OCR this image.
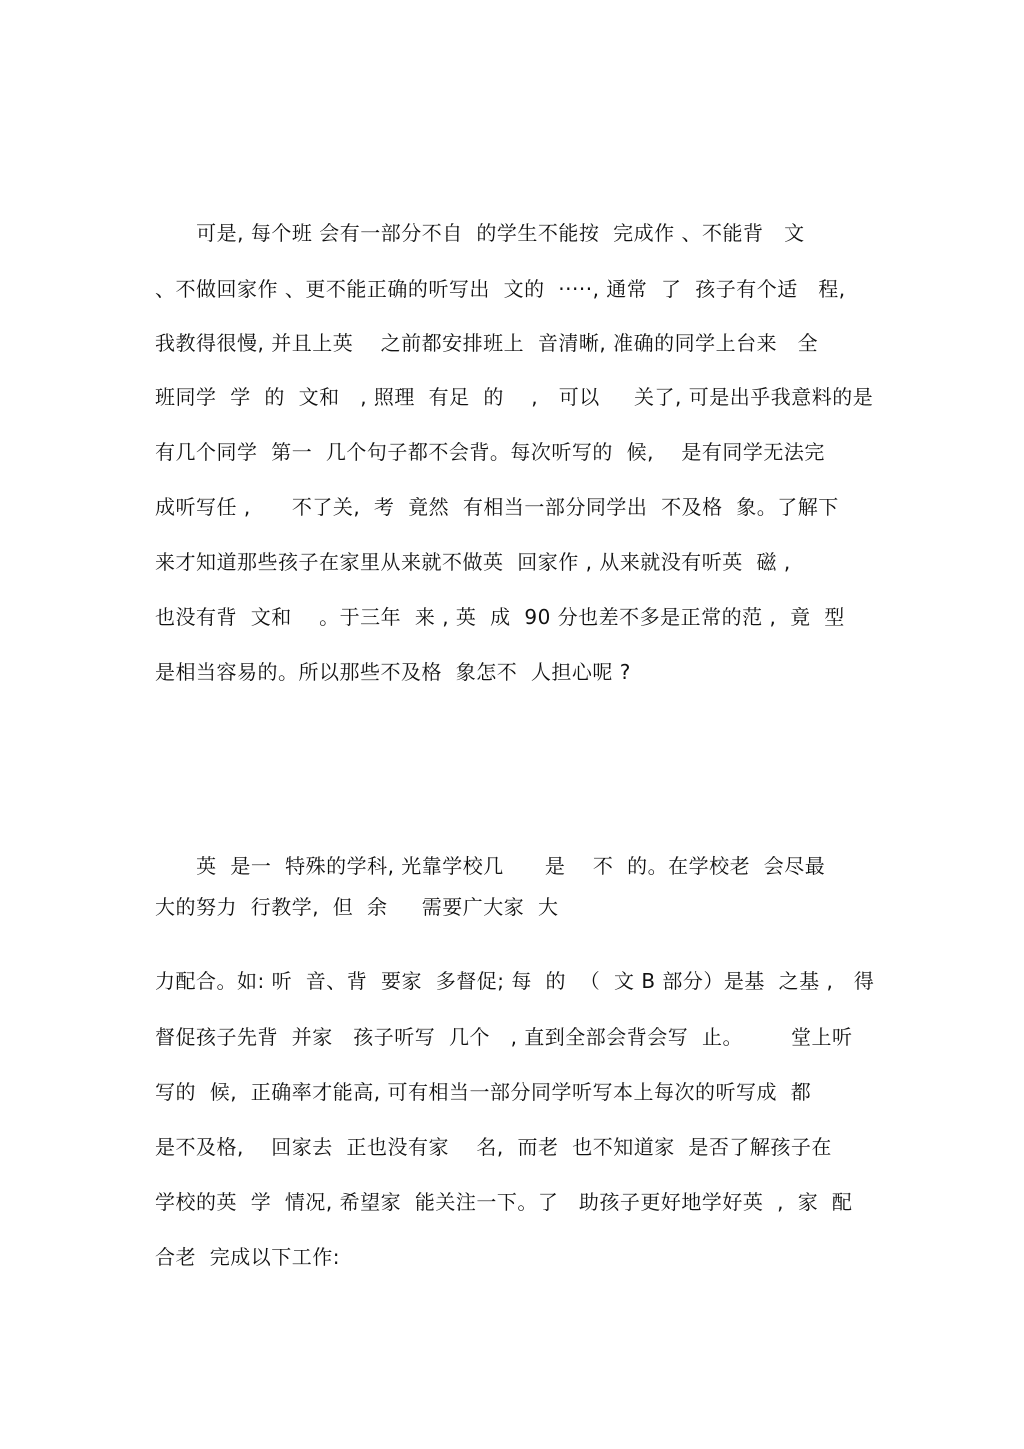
可是, 每个班 会有一部分不自  的学生不能按  完成作 、不能背   文
、不做回家作 、更不能正确的听写出  文的  ·····, 通常  了  孩子有个适   程,
我教得很慢, 并且上英    之前都安排班上  音清晰, 准确的同学上台来   全
班同学  学  的  文和   , 照理  有足  的    ,   可以     关了, 可是出乎我意料的是
有几个同学  第一  几个句子都不会背。每次听写的  候,    是有同学无法完
成听写任 ,      不了关,  考  竟然  有相当一部分同学出  不及格  象。了解下
来才知道那些孩子在家里从来就不做英  回家作 , 从来就没有听英  磁 ,
也没有背  文和    。于三年  来 , 英  成  90 分也差不多是正常的范 ,  竟  型
是相当容易的。所以那些不及格  象怎不  人担心呢 ?
英  是一  特殊的学科, 光靠学校几      是    不  的。在学校老  会尽最
大的努力  行教学,  但  余     需要广大家  大
力配合。如: 听  音、背  要家  多督促; 每  的  （  文 B 部分）是基  之基 ,   得
督促孩子先背  并家   孩子听写  几个   , 直到全部会背会写  止。       堂上听
写的  候,  正确率才能高, 可有相当一部分同学听写本上每次的听写成  都
是不及格,    回家去  正也没有家    名,  而老  也不知道家  是否了解孩子在
学校的英  学  情况, 希望家  能关注一下。了   助孩子更好地学好英  ,  家  配
合老  完成以下工作:
